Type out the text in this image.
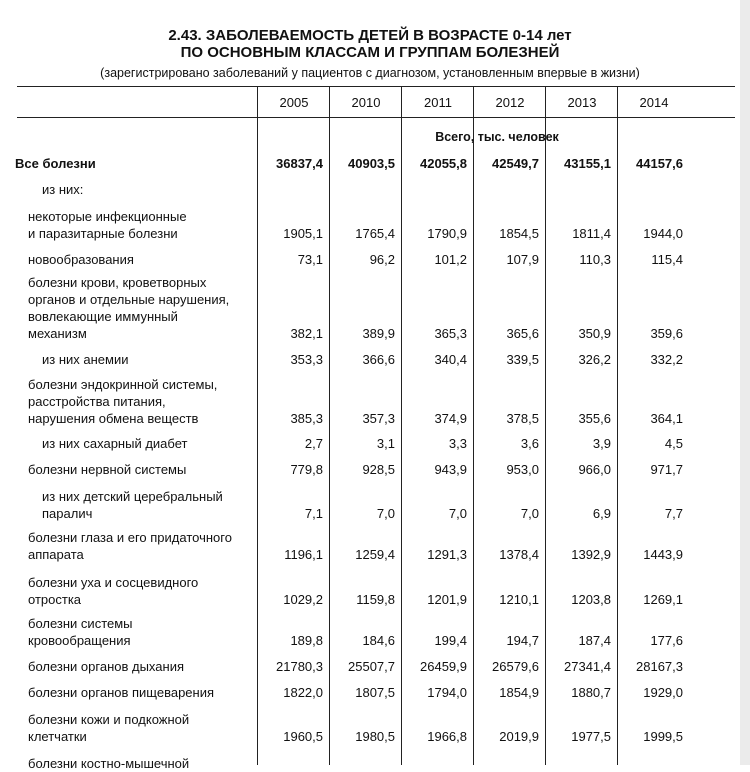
2.43. ЗАБОЛЕВАЕМОСТЬ ДЕТЕЙ В ВОЗРАСТЕ 0-14 лет
ПО ОСНОВНЫМ КЛАССАМ И ГРУППАМ БОЛЕЗНЕЙ
(зарегистрировано заболеваний у пациентов с диагнозом, установленным впервые в жизни)
2005	2010	2011	2012	2013	2014
Всего, тыс. человек
Все болезни	36837,4	40903,5	42055,8	42549,7	43155,1	44157,6
из них:
некоторые инфекционные
и паразитарные болезни	1905,1	1765,4	1790,9	1854,5	1811,4	1944,0
новообразования	73,1	96,2	101,2	107,9	110,3	115,4
болезни крови, кроветворных
органов и отдельные нарушения,
вовлекающие иммунный
механизм	382,1	389,9	365,3	365,6	350,9	359,6
из них анемии	353,3	366,6	340,4	339,5	326,2	332,2
болезни эндокринной системы,
расстройства питания,
нарушения обмена веществ	385,3	357,3	374,9	378,5	355,6	364,1
из них сахарный диабет	2,7	3,1	3,3	3,6	3,9	4,5
болезни нервной системы	779,8	928,5	943,9	953,0	966,0	971,7
из них детский церебральный
паралич	7,1	7,0	7,0	7,0	6,9	7,7
болезни глаза и его придаточного
аппарата	1196,1	1259,4	1291,3	1378,4	1392,9	1443,9
болезни уха и сосцевидного
отростка	1029,2	1159,8	1201,9	1210,1	1203,8	1269,1
болезни системы
кровообращения	189,8	184,6	199,4	194,7	187,4	177,6
болезни органов дыхания	21780,3	25507,7	26459,9	26579,6	27341,4	28167,3
болезни органов пищеварения	1822,0	1807,5	1794,0	1854,9	1880,7	1929,0
болезни кожи и подкожной
клетчатки	1960,5	1980,5	1966,8	2019,9	1977,5	1999,5
болезни костно-мышечной
